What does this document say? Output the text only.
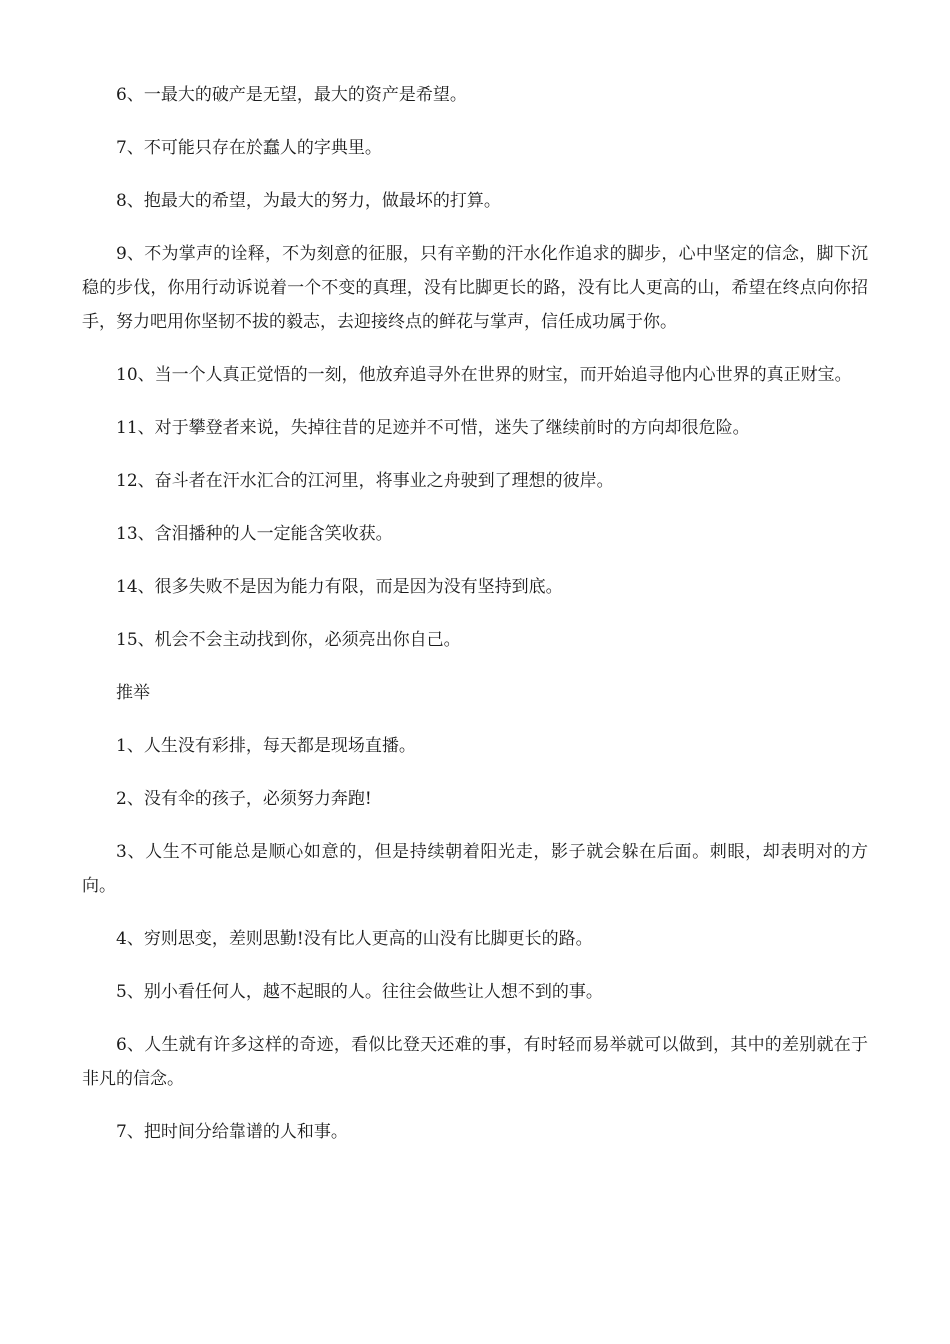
6、一最大的破产是无望，最大的资产是希望。

7、不可能只存在於蠢人的字典里。

8、抱最大的希望，为最大的努力，做最坏的打算。

9、不为掌声的诠释，不为刻意的征服，只有辛勤的汗水化作追求的脚步，心中坚定的信念，脚下沉稳的步伐，你用行动诉说着一个不变的真理，没有比脚更长的路，没有比人更高的山，希望在终点向你招手，努力吧用你坚韧不拔的毅志，去迎接终点的鲜花与掌声，信任成功属于你。

10、当一个人真正觉悟的一刻，他放弃追寻外在世界的财宝，而开始追寻他内心世界的真正财宝。

11、对于攀登者来说，失掉往昔的足迹并不可惜，迷失了继续前时的方向却很危险。

12、奋斗者在汗水汇合的江河里，将事业之舟驶到了理想的彼岸。

13、含泪播种的人一定能含笑收获。

14、很多失败不是因为能力有限，而是因为没有坚持到底。

15、机会不会主动找到你，必须亮出你自己。

推举

1、人生没有彩排，每天都是现场直播。

2、没有伞的孩子，必须努力奔跑!

3、人生不可能总是顺心如意的，但是持续朝着阳光走，影子就会躲在后面。刺眼，却表明对的方向。

4、穷则思变，差则思勤!没有比人更高的山没有比脚更长的路。

5、别小看任何人，越不起眼的人。往往会做些让人想不到的事。

6、人生就有许多这样的奇迹，看似比登天还难的事，有时轻而易举就可以做到，其中的差别就在于非凡的信念。

7、把时间分给靠谱的人和事。
